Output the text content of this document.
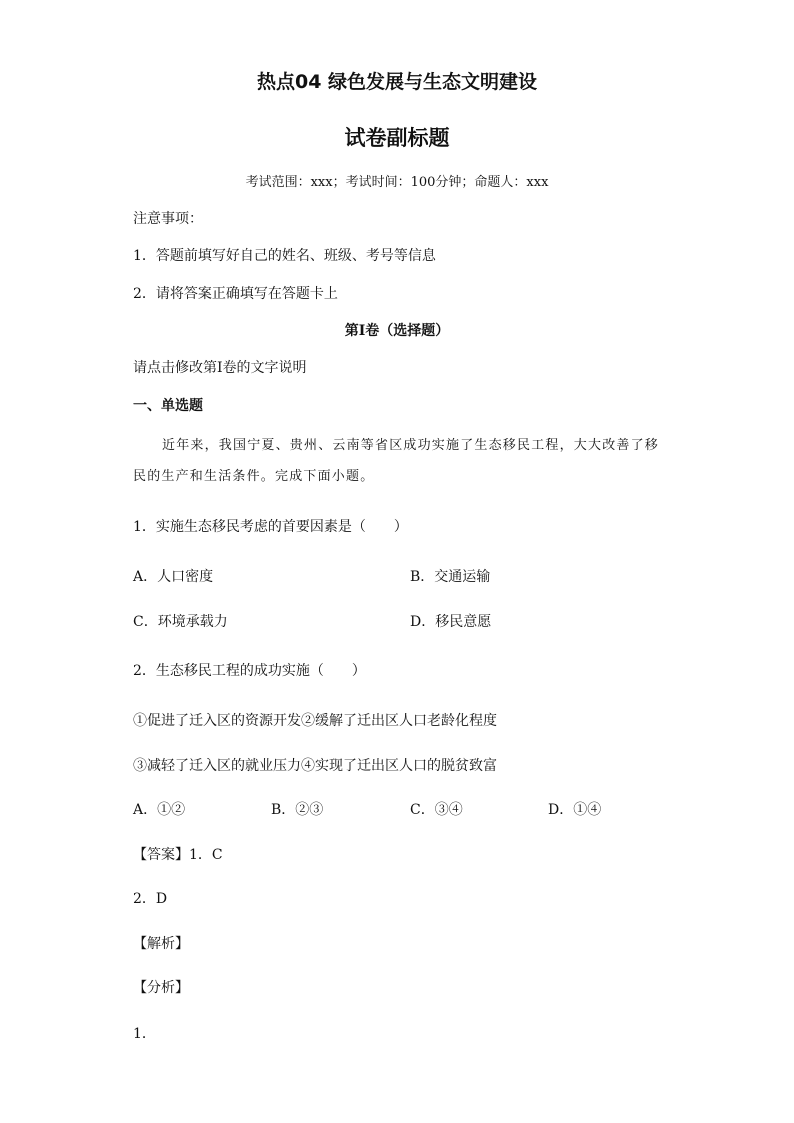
热点04 绿色发展与生态文明建设
试卷副标题
考试范围：xxx；考试时间：100分钟；命题人：xxx
注意事项：
1．答题前填写好自己的姓名、班级、考号等信息
2．请将答案正确填写在答题卡上
第I卷（选择题）
请点击修改第I卷的文字说明
一、单选题
近年来，我国宁夏、贵州、云南等省区成功实施了生态移民工程，大大改善了移
民的生产和生活条件。完成下面小题。
1．实施生态移民考虑的首要因素是（　　）
A．人口密度	B．交通运输
C．环境承载力	D．移民意愿
2．生态移民工程的成功实施（　　）
①促进了迁入区的资源开发②缓解了迁出区人口老龄化程度
③减轻了迁入区的就业压力④实现了迁出区人口的脱贫致富
A．①②	B．②③	C．③④	D．①④
【答案】1．C
2．D
【解析】
【分析】
1．
